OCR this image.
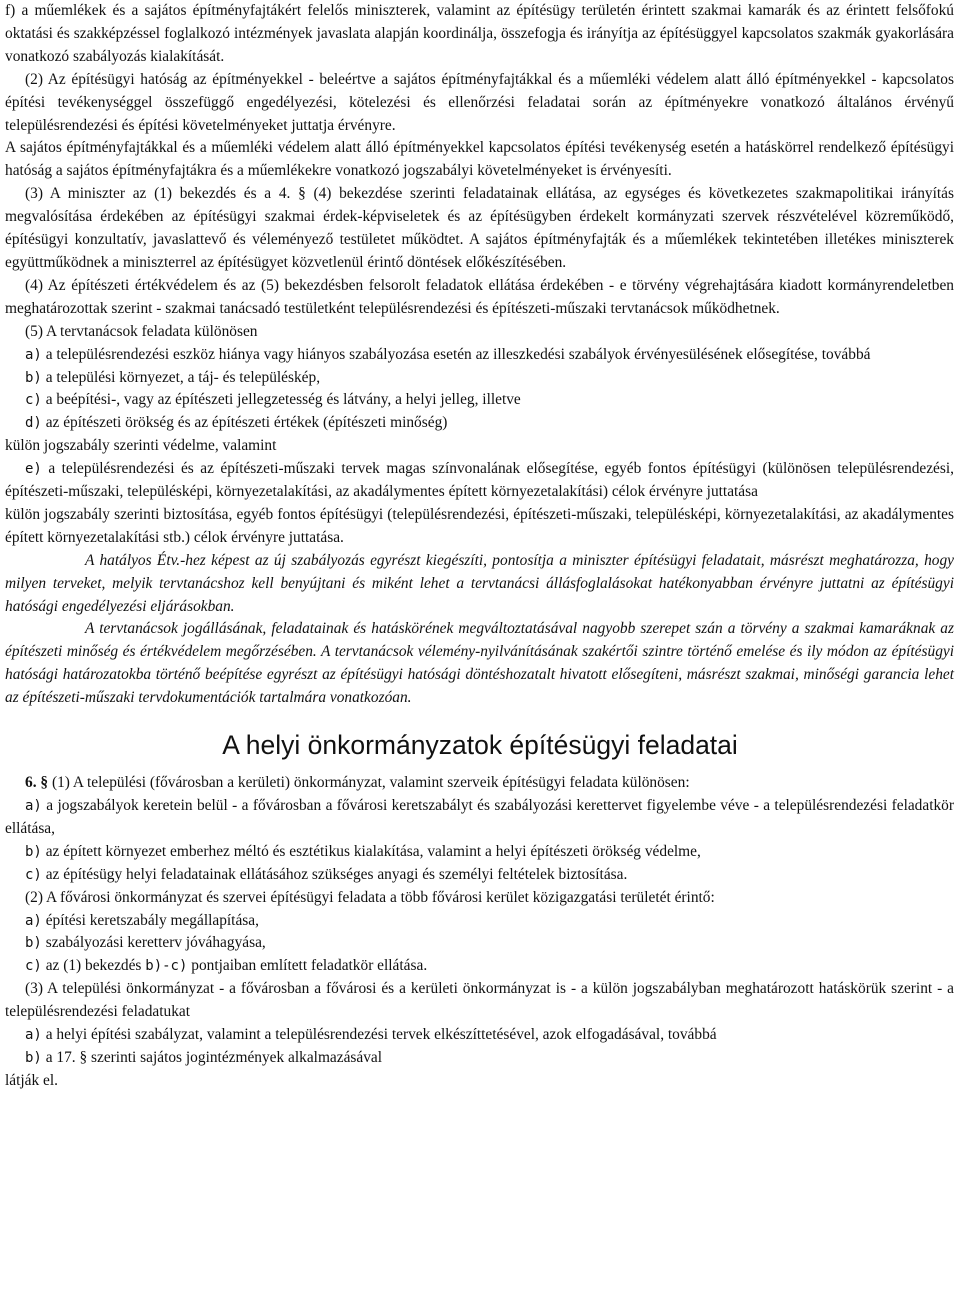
f) a műemlékek és a sajátos építményfajtákért felelős miniszterek, valamint az építésügy területén érintett szakmai kamarák és az érintett felsőfokú oktatási és szakképzéssel foglalkozó intézmények javaslata alapján koordinálja, összefogja és irányítja az építésüggyel kapcsolatos szakmák gyakorlására vonatkozó szabályozás kialakítását.

(2) Az építésügyi hatóság az építményekkel - beleértve a sajátos építményfajtákkal és a műemléki védelem alatt álló építményekkel - kapcsolatos építési tevékenységgel összefüggő engedélyezési, kötelezési és ellenőrzési feladatai során az építményekre vonatkozó általános érvényű településrendezési és építési követelményeket juttatja érvényre.

A sajátos építményfajtákkal és a műemléki védelem alatt álló építményekkel kapcsolatos építési tevékenység esetén a hatáskörrel rendelkező építésügyi hatóság a sajátos építményfajtákra és a műemlékekre vonatkozó jogszabályi követelményeket is érvényesíti.

(3) A miniszter az (1) bekezdés és a 4. § (4) bekezdése szerinti feladatainak ellátása, az egységes és következetes szakmapolitikai irányítás megvalósítása érdekében az építésügyi szakmai érdek-képviseletek és az építésügyben érdekelt kormányzati szervek részvételével közreműködő, építésügyi konzultatív, javaslattevő és véleményező testületet működtet. A sajátos építményfajták és a műemlékek tekintetében illetékes miniszterek együttműködnek a miniszterrel az építésügyet közvetlenül érintő döntések előkészítésében.

(4) Az építészeti értékvédelem és az (5) bekezdésben felsorolt feladatok ellátása érdekében - e törvény végrehajtására kiadott kormányrendeletben meghatározottak szerint - szakmai tanácsadó testületként településrendezési és építészeti-műszaki tervtanácsok működhetnek.

(5) A tervtanácsok feladata különösen

a) a településrendezési eszköz hiánya vagy hiányos szabályozása esetén az illeszkedési szabályok érvényesülésének elősegítése, továbbá

b) a települési környezet, a táj- és településkép,

c) a beépítési-, vagy az építészeti jellegzetesség és látvány, a helyi jelleg, illetve

d) az építészeti örökség és az építészeti értékek (építészeti minőség)

külön jogszabály szerinti védelme, valamint

e) a településrendezési és az építészeti-műszaki tervek magas színvonalának elősegítése, egyéb fontos építésügyi (különösen településrendezési, építészeti-műszaki, településképi, környezetalakítási, az akadálymentes épített környezetalakítási) célok érvényre juttatása

külön jogszabály szerinti biztosítása, egyéb fontos építésügyi (településrendezési, építészeti-műszaki, településképi, környezetalakítási, az akadálymentes épített környezetalakítási stb.) célok érvényre juttatása.

A hatályos Étv.-hez képest az új szabályozás egyrészt kiegészíti, pontosítja a miniszter építésügyi feladatait, másrészt meghatározza, hogy milyen terveket, melyik tervtanácshoz kell benyújtani és miként lehet a tervtanácsi állásfoglalásokat hatékonyabban érvényre juttatni az építésügyi hatósági engedélyezési eljárásokban.

A tervtanácsok jogállásának, feladatainak és hatáskörének megváltoztatásával nagyobb szerepet szán a törvény a szakmai kamaráknak az építészeti minőség és értékvédelem megőrzésében. A tervtanácsok vélemény-nyilvánításának szakértői szintre történő emelése és ily módon az építésügyi hatósági határozatokba történő beépítése egyrészt az építésügyi hatósági döntéshozatalt hivatott elősegíteni, másrészt szakmai, minőségi garancia lehet az építészeti-műszaki tervdokumentációk tartalmára vonatkozóan.

A helyi önkormányzatok építésügyi feladatai

6. § (1) A települési (fővárosban a kerületi) önkormányzat, valamint szerveik építésügyi feladata különösen:

a) a jogszabályok keretein belül - a fővárosban a fővárosi keretszabályt és szabályozási kerettervet figyelembe véve - a településrendezési feladatkör ellátása,

b) az épített környezet emberhez méltó és esztétikus kialakítása, valamint a helyi építészeti örökség védelme,

c) az építésügy helyi feladatainak ellátásához szükséges anyagi és személyi feltételek biztosítása.

(2) A fővárosi önkormányzat és szervei építésügyi feladata a több fővárosi kerület közigazgatási területét érintő:

a) építési keretszabály megállapítása,

b) szabályozási keretterv jóváhagyása,

c) az (1) bekezdés b)-c) pontjaiban említett feladatkör ellátása.

(3) A települési önkormányzat - a fővárosban a fővárosi és a kerületi önkormányzat is - a külön jogszabályban meghatározott hatáskörük szerint - a településrendezési feladatukat

a) a helyi építési szabályzat, valamint a településrendezési tervek elkészíttetésével, azok elfogadásával, továbbá

b) a 17. § szerinti sajátos jogintézmények alkalmazásával

látják el.
